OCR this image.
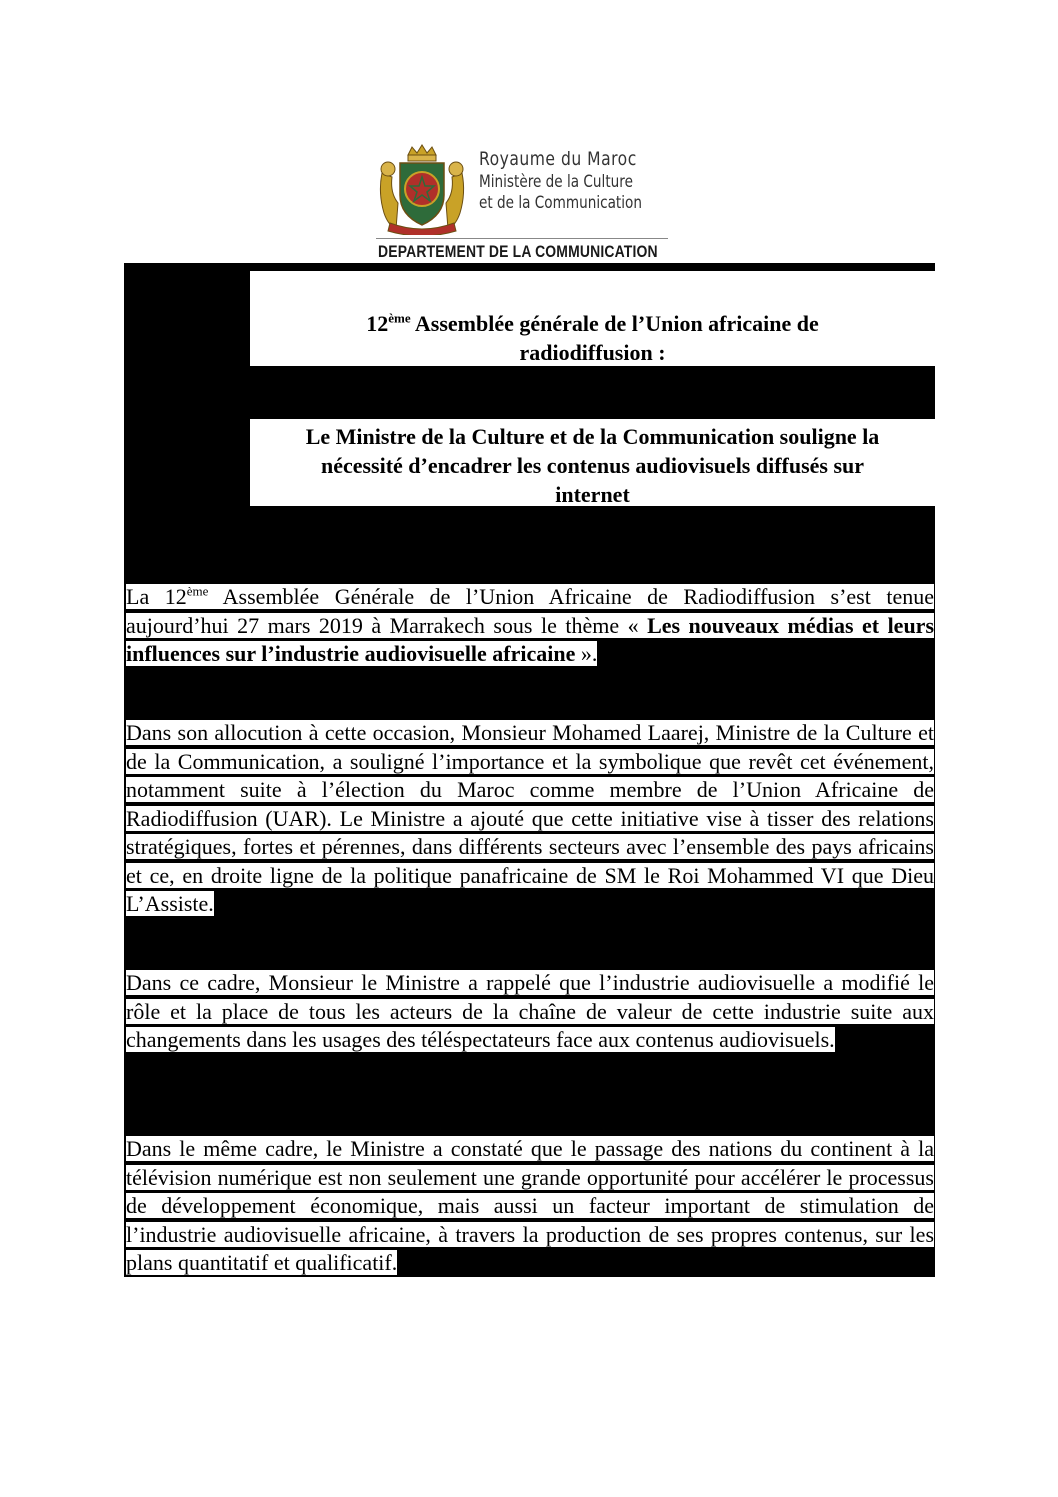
Royaume du Maroc
Ministère de la Culture
et de la Communication
DEPARTEMENT DE LA COMMUNICATION
12ème Assemblée générale de l’Union africaine de
radiodiffusion :
Le Ministre de la Culture et de la Communication souligne la
nécessité d’encadrer les contenus audiovisuels diffusés sur
internet

La 12ème Assemblée Générale de l’Union Africaine de Radiodiffusion s’est tenue aujourd’hui 27 mars 2019 à Marrakech sous le thème « Les nouveaux médias et leurs influences sur l’industrie audiovisuelle africaine ».

Dans son allocution à cette occasion, Monsieur Mohamed Laarej, Ministre de la Culture et de la Communication, a souligné l’importance et la symbolique que revêt cet événement, notamment suite à l’élection du Maroc comme membre de l’Union Africaine de Radiodiffusion (UAR). Le Ministre a ajouté que cette initiative vise à tisser des relations stratégiques, fortes et pérennes, dans différents secteurs avec l’ensemble des pays africains et ce, en droite ligne de la politique panafricaine de SM le Roi Mohammed VI que Dieu L’Assiste.

Dans ce cadre, Monsieur le Ministre a rappelé que l’industrie audiovisuelle a modifié le rôle et la place de tous les acteurs de la chaîne de valeur de cette industrie suite aux changements dans les usages des téléspectateurs face aux contenus audiovisuels.

Dans le même cadre, le Ministre a constaté que le passage des nations du continent à la télévision numérique est non seulement une grande opportunité pour accélérer le processus de développement économique, mais aussi un facteur important de stimulation de l’industrie audiovisuelle africaine, à travers la production de ses propres contenus, sur les plans quantitatif et qualificatif.
